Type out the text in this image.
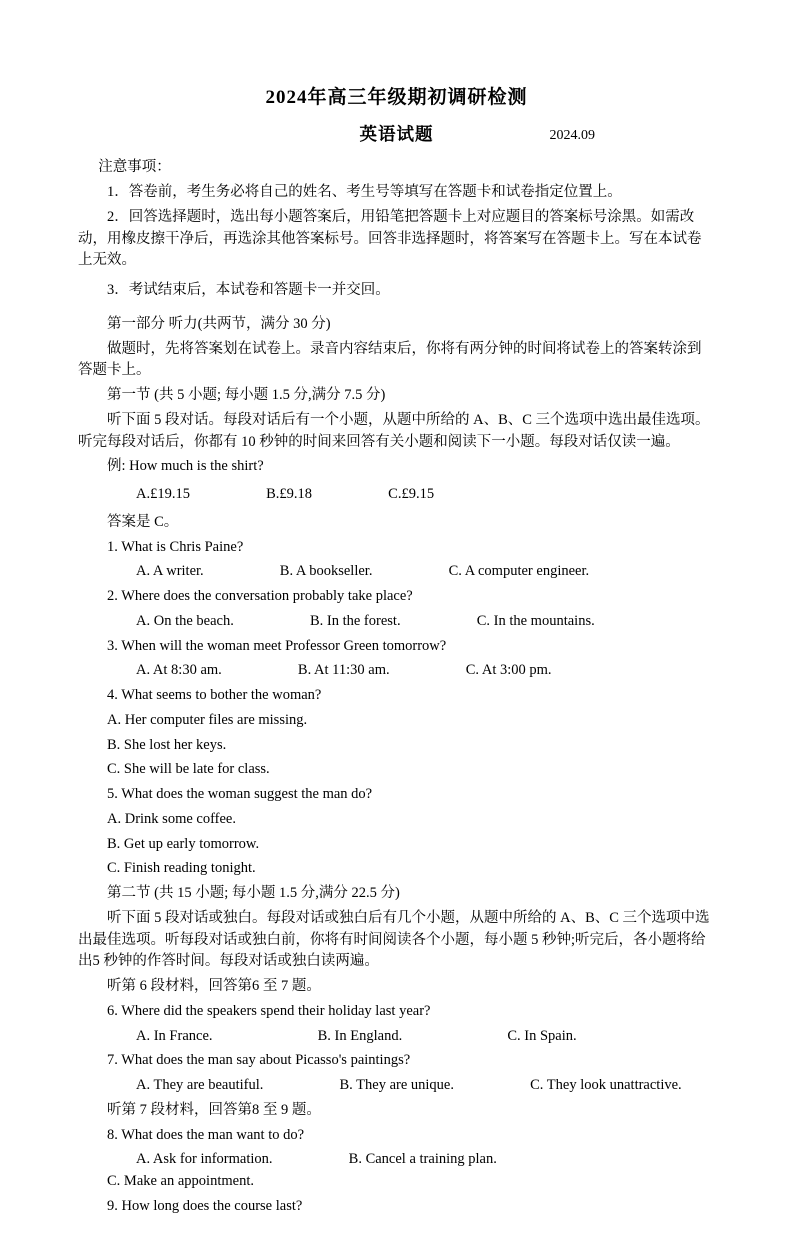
2024年高三年级期初调研检测
英语试题	2024.09

注意事项：

1．答卷前，考生务必将自己的姓名、考生号等填写在答题卡和试卷指定位置上。

2．回答选择题时，选出每小题答案后，用铅笔把答题卡上对应题目的答案标号涂黑。如需改动，用橡皮擦干净后，再选涂其他答案标号。回答非选择题时，将答案写在答题卡上。写在本试卷上无效。

3．考试结束后，本试卷和答题卡一并交回。

第一部分 听力(共两节，满分 30 分)

做题时，先将答案划在试卷上。录音内容结束后，你将有两分钟的时间将试卷上的答案转涂到答题卡上。

第一节 (共 5 小题; 每小题 1.5 分,满分 7.5 分)

听下面 5 段对话。每段对话后有一个小题，从题中所给的 A、B、C 三个选项中选出最佳选项。听完每段对话后，你都有 10 秒钟的时间来回答有关小题和阅读下一小题。每段对话仅读一遍。

例: How much is the shirt?

A.£19.15	B.£9.18	C.£9.15

答案是 C。

1. What is Chris Paine?

A. A writer.	B. A bookseller.	C. A computer engineer.

2. Where does the conversation probably take place?

A. On the beach.	B. In the forest.	C. In the mountains.

3. When will the woman meet Professor Green tomorrow?

A. At 8:30 am.	B. At 11:30 am.	C. At 3:00 pm.

4. What seems to bother the woman?

A. Her computer files are missing.

B. She lost her keys.

C. She will be late for class.

5. What does the woman suggest the man do?

A. Drink some coffee.

B. Get up early tomorrow.

C. Finish reading tonight.

第二节 (共 15 小题; 每小题 1.5 分,满分 22.5 分)

听下面 5 段对话或独白。每段对话或独白后有几个小题，从题中所给的 A、B、C 三个选项中选出最佳选项。听每段对话或独白前，你将有时间阅读各个小题，每小题 5 秒钟;听完后，各小题将给出5 秒钟的作答时间。每段对话或独白读两遍。

听第 6 段材料，回答第6 至 7 题。

6. Where did the speakers spend their holiday last year?

A. In France.	B. In England.	C. In Spain.

7. What does the man say about Picasso's paintings?

A. They are beautiful.	B. They are unique.	C. They look unattractive.

听第 7 段材料，回答第8 至 9 题。

8. What does the man want to do?

A. Ask for information.	B. Cancel a training plan. C. Make an appointment.

9. How long does the course last?
